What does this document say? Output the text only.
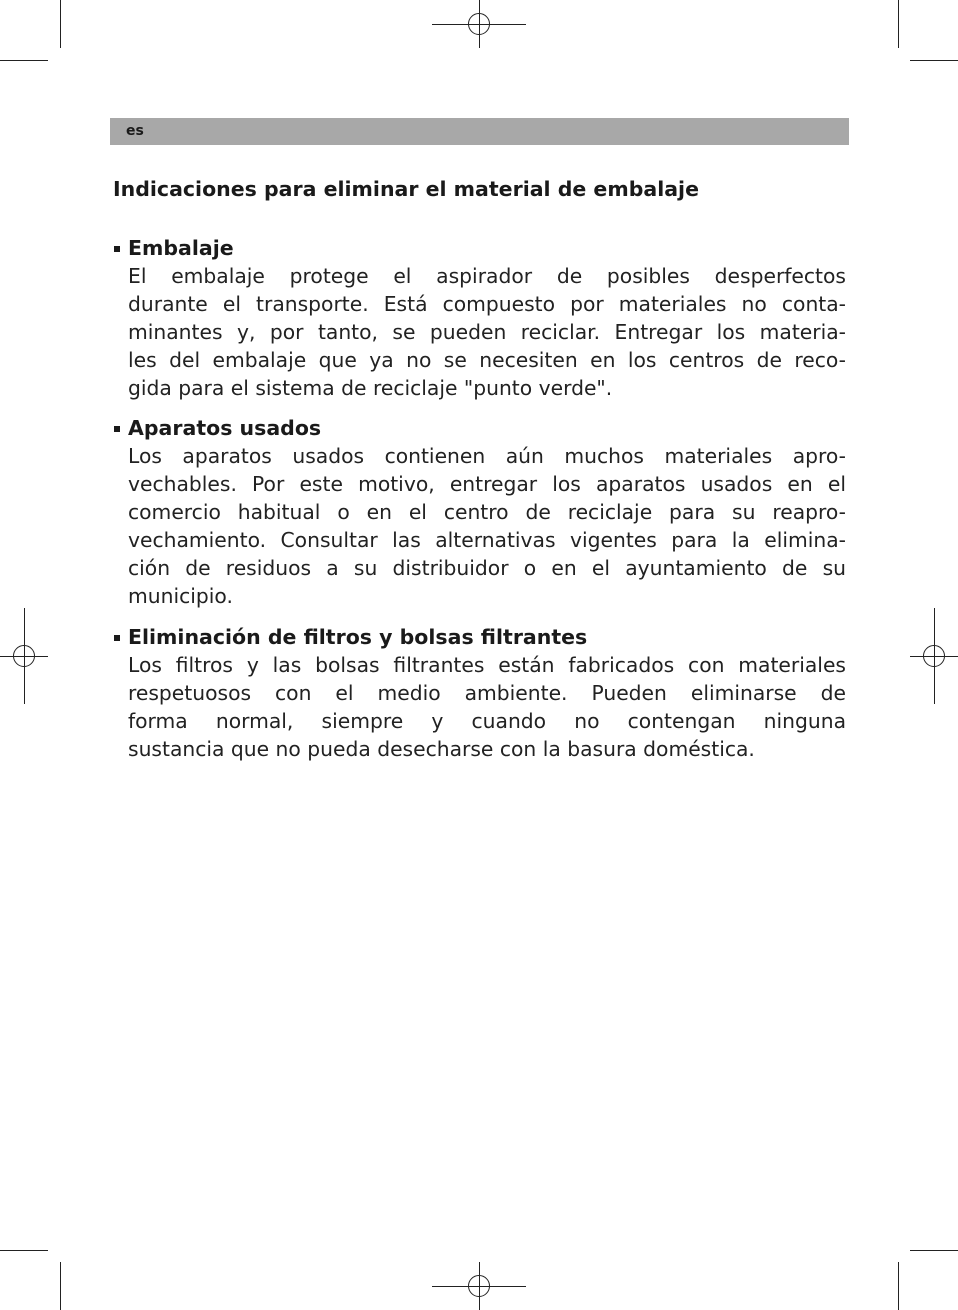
es
Indicaciones para eliminar el material de embalaje
Embalaje

El embalaje protege el aspirador de posibles desperfectos
durante el transporte. Está compuesto por materiales no conta-
minantes y, por tanto, se pueden reciclar. Entregar los materia-
les del embalaje que ya no se necesiten en los centros de reco-
gida para el sistema de reciclaje "punto verde".

Aparatos usados

Los aparatos usados contienen aún muchos materiales apro-
vechables. Por este motivo, entregar los aparatos usados en el
comercio habitual o en el centro de reciclaje para su reapro-
vechamiento. Consultar las alternativas vigentes para la elimina-
ción de residuos a su distribuidor o en el ayuntamiento de su
municipio.

Eliminación de filtros y bolsas filtrantes

Los filtros y las bolsas filtrantes están fabricados con materiales
respetuosos con el medio ambiente. Pueden eliminarse de
forma normal, siempre y cuando no contengan ninguna
sustancia que no pueda desecharse con la basura doméstica.
